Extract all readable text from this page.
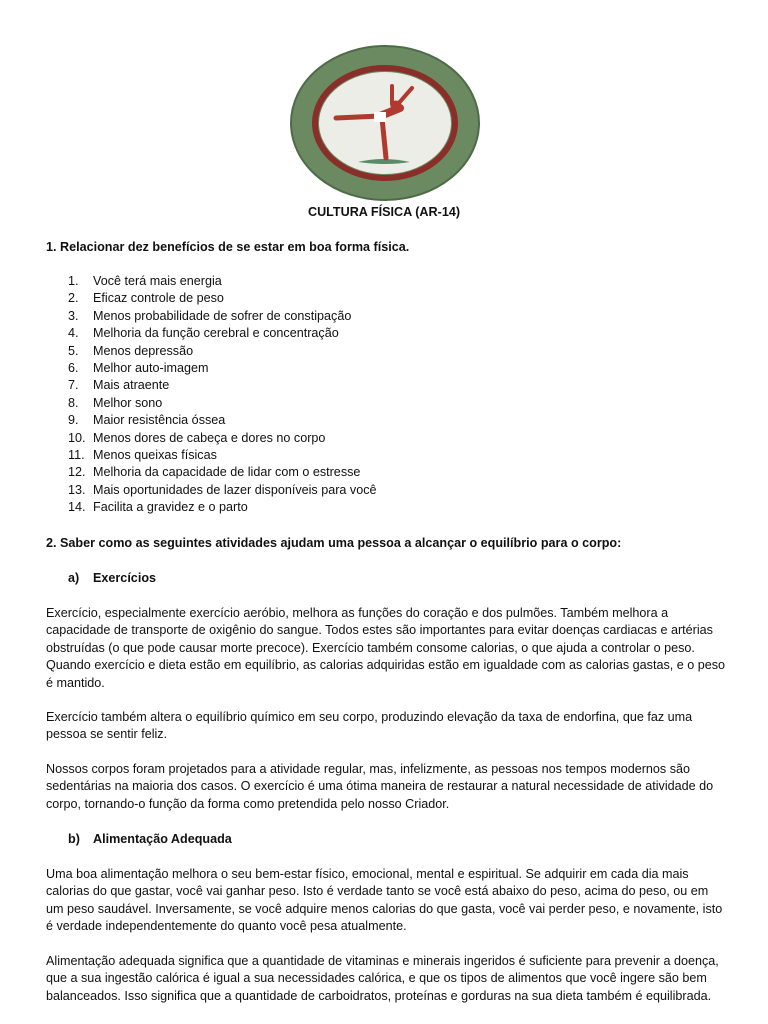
CULTURA FÍSICA (AR-14)
1. Relacionar dez benefícios de se estar em boa forma física.
1.	Você terá mais energia
2.	Eficaz controle de peso
3.	Menos probabilidade de sofrer de constipação
4.	Melhoria da função cerebral e concentração
5.	Menos depressão
6.	Melhor auto-imagem
7.	Mais atraente
8.	Melhor sono
9.	Maior resistência óssea
10. Menos dores de cabeça e dores no corpo
11. Menos queixas físicas
12. Melhoria da capacidade de lidar com o estresse
13. Mais oportunidades de lazer disponíveis para você
14. Facilita a gravidez e o parto
2. Saber como as seguintes atividades ajudam uma pessoa a alcançar o equilíbrio para o corpo:
a)	Exercícios

Exercício, especialmente exercício aeróbio, melhora as funções do coração e dos pulmões. Também melhora a capacidade de transporte de oxigênio do sangue. Todos estes são importantes para evitar doenças cardiacas e artérias obstruídas (o que pode causar morte precoce). Exercício também consome calorias, o que ajuda a controlar o peso. Quando exercício e dieta estão em equilíbrio, as calorias adquiridas estão em igualdade com as calorias gastas, e o peso é mantido.

Exercício também altera o equilíbrio químico em seu corpo, produzindo elevação da taxa de endorfina, que faz uma pessoa se sentir feliz.

Nossos corpos foram projetados para a atividade regular, mas, infelizmente, as pessoas nos tempos modernos são sedentárias na maioria dos casos. O exercício é uma ótima maneira de restaurar a natural necessidade de atividade do corpo, tornando-o função da forma como pretendida pelo nosso Criador.

b)	Alimentação Adequada

Uma boa alimentação melhora o seu bem-estar físico, emocional, mental e espiritual. Se adquirir em cada dia mais calorias do que gastar, você vai ganhar peso. Isto é verdade tanto se você está abaixo do peso, acima do peso, ou em um peso saudável. Inversamente, se você adquire menos calorias do que gasta, você vai perder peso, e novamente, isto é verdade independentemente do quanto você pesa atualmente.

Alimentação adequada significa que a quantidade de vitaminas e minerais ingeridos é suficiente para prevenir a doença, que a sua ingestão calórica é igual a sua necessidades calórica, e que os tipos de alimentos que você ingere são bem balanceados. Isso significa que a quantidade de carboidratos, proteínas e gorduras na sua dieta também é equilibrada.
